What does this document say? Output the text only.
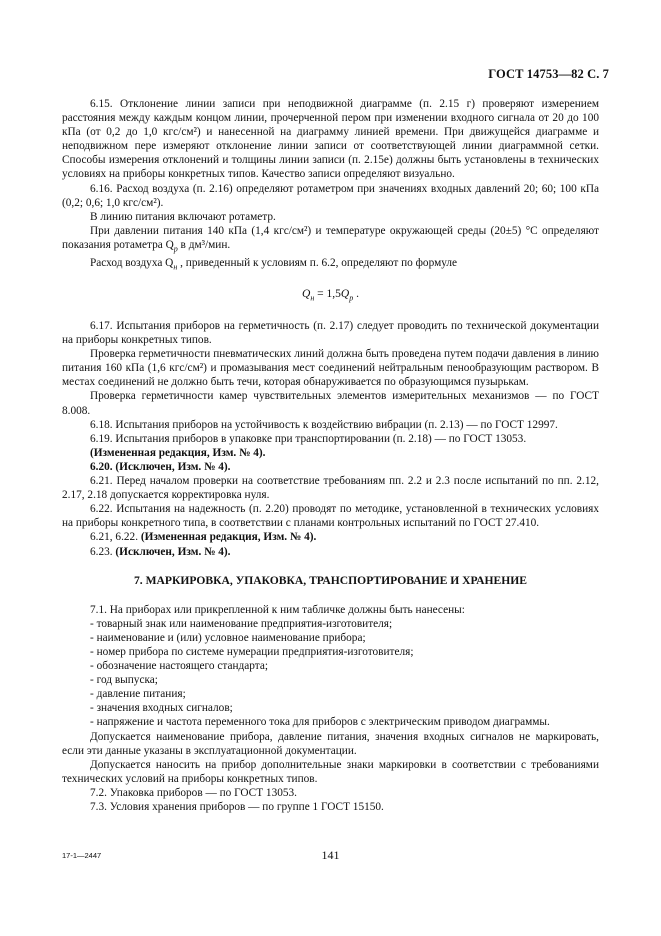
ГОСТ 14753—82 С. 7

6.15. Отклонение линии записи при неподвижной диаграмме (п. 2.15 г) проверяют измерением расстояния между каждым концом линии, прочерченной пером при изменении входного сигнала от 20 до 100 кПа (от 0,2 до 1,0 кгс/см²) и нанесенной на диаграмму линией времени. При движущейся диаграмме и неподвижном пере измеряют отклонение линии записи от соответствующей линии диаграммной сетки. Способы измерения отклонений и толщины линии записи (п. 2.15е) должны быть установлены в технических условиях на приборы конкретных типов. Качество записи определяют визуально.

6.16. Расход воздуха (п. 2.16) определяют ротаметром при значениях входных давлений 20; 60; 100 кПа (0,2; 0,6; 1,0 кгс/см²).

В линию питания включают ротаметр.

При давлении питания 140 кПа (1,4 кгс/см²) и температуре окружающей среды (20±5) °С определяют показания ротаметра $Q_р$ в дм³/мин.

Расход воздуха $Q_н$ , приведенный к условиям п. 6.2, определяют по формуле

$Q_н = 1,5Q_р$ .

6.17. Испытания приборов на герметичность (п. 2.17) следует проводить по технической документации на приборы конкретных типов.

Проверка герметичности пневматических линий должна быть проведена путем подачи давления в линию питания 160 кПа (1,6 кгс/см²) и промазывания мест соединений нейтральным пенообразующим раствором. В местах соединений не должно быть течи, которая обнаруживается по образующимся пузырькам.

Проверка герметичности камер чувствительных элементов измерительных механизмов — по ГОСТ 8.008.

6.18. Испытания приборов на устойчивость к воздействию вибрации (п. 2.13) — по ГОСТ 12997.

6.19. Испытания приборов в упаковке при транспортировании (п. 2.18) — по ГОСТ 13053.

(Измененная редакция, Изм. № 4).

6.20. (Исключен, Изм. № 4).

6.21. Перед началом проверки на соответствие требованиям пп. 2.2 и 2.3 после испытаний по пп. 2.12, 2.17, 2.18 допускается корректировка нуля.

6.22. Испытания на надежность (п. 2.20) проводят по методике, установленной в технических условиях на приборы конкретного типа, в соответствии с планами контрольных испытаний по ГОСТ 27.410.

6.21, 6.22. (Измененная редакция, Изм. № 4).

6.23. (Исключен, Изм. № 4).

7. МАРКИРОВКА, УПАКОВКА, ТРАНСПОРТИРОВАНИЕ И ХРАНЕНИЕ

7.1. На приборах или прикрепленной к ним табличке должны быть нанесены:

- товарный знак или наименование предприятия-изготовителя;

- наименование и (или) условное наименование прибора;

- номер прибора по системе нумерации предприятия-изготовителя;

- обозначение настоящего стандарта;

- год выпуска;

- давление питания;

- значения входных сигналов;

- напряжение и частота переменного тока для приборов с электрическим приводом диаграммы.

Допускается наименование прибора, давление питания, значения входных сигналов не маркировать, если эти данные указаны в эксплуатационной документации.

Допускается наносить на прибор дополнительные знаки маркировки в соответствии с требованиями технических условий на приборы конкретных типов.

7.2. Упаковка приборов — по ГОСТ 13053.

7.3. Условия хранения приборов — по группе 1 ГОСТ 15150.

17-1—2447	141
